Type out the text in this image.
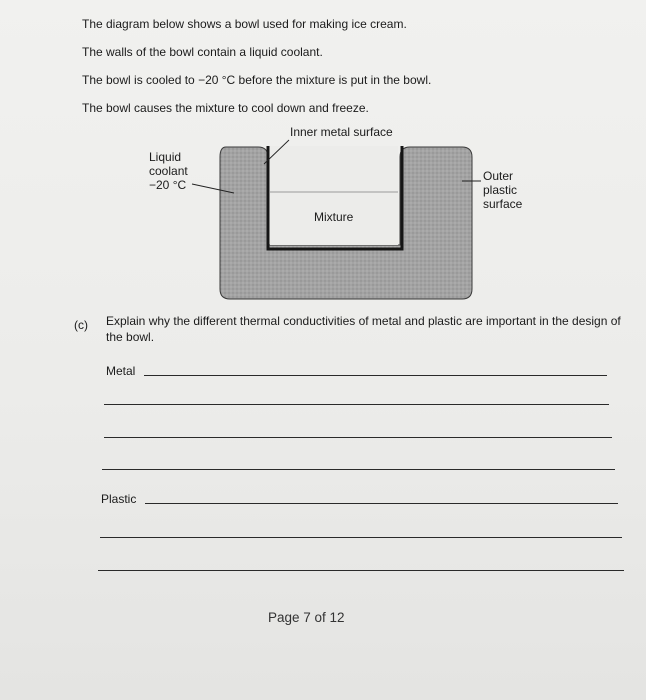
The diagram below shows a bowl used for making ice cream.
The walls of the bowl contain a liquid coolant.
The bowl is cooled to −20 °C before the mixture is put in the bowl.
The bowl causes the mixture to cool down and freeze.
Inner metal surface
Liquid
coolant
−20 °C
Outer
plastic
surface
Mixture
(c) Explain why the different thermal conductivities of metal and plastic are important in the design of the bowl.
Metal
Plastic
Page 7 of 12
